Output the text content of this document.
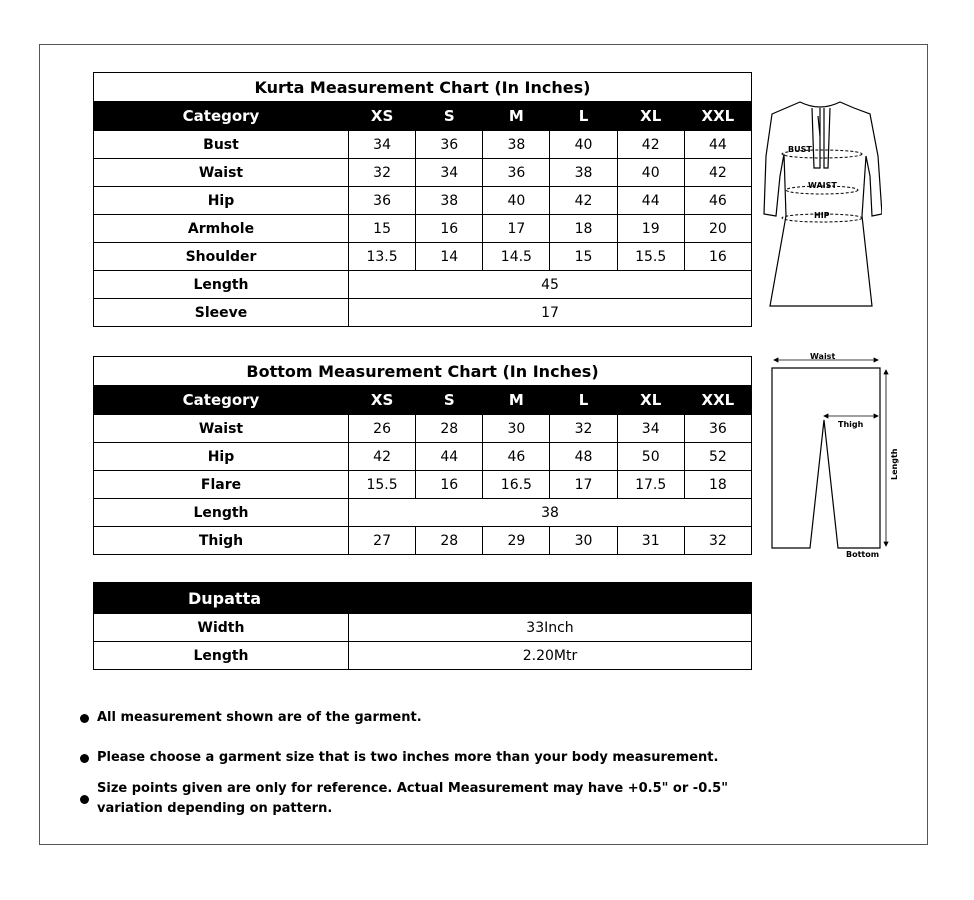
Kurta Measurement Chart (In Inches)						
Category	XS	S	M	L	XL	XXL
Bust	34	36	38	40	42	44
Waist	32	34	36	38	40	42
Hip	36	38	40	42	44	46
Armhole	15	16	17	18	19	20
Shoulder	13.5	14	14.5	15	15.5	16
Length	45					
Sleeve	17					
BUST
WAIST
HIP
Bottom Measurement Chart (In Inches)						
Category	XS	S	M	L	XL	XXL
Waist	26	28	30	32	34	36
Hip	42	44	46	48	50	52
Flare	15.5	16	16.5	17	17.5	18
Length	38					
Thigh	27	28	29	30	31	32
Waist
Thigh
Length
Bottom
Dupatta	
Width	33Inch
Length	2.20Mtr
All measurement shown are of the garment.
Please choose a garment size that is two inches more than your body measurement.
Size points given are only for reference. Actual Measurement may have +0.5" or -0.5" variation depending on pattern.
